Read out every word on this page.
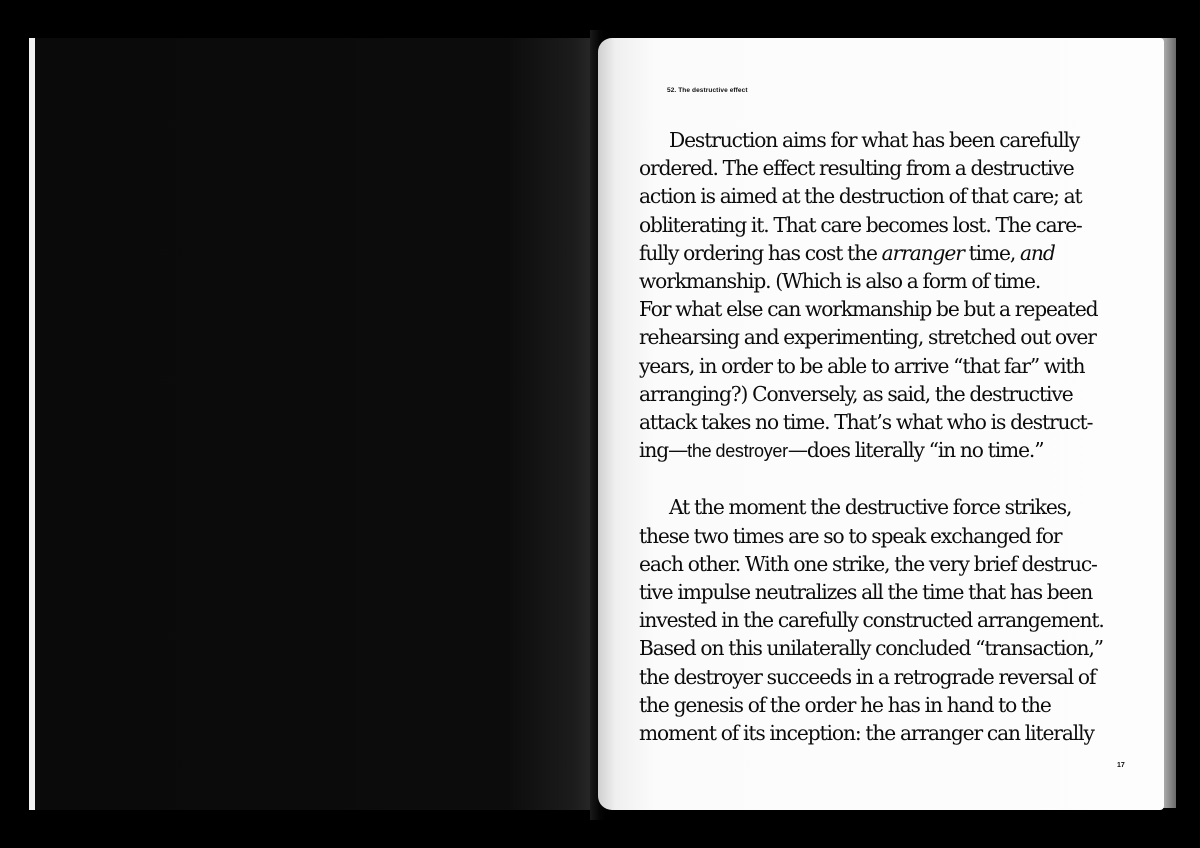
52. The destructive effect

Destruction aims for what has been carefully
ordered. The effect resulting from a destructive
action is aimed at the destruction of that care; at
obliterating it. That care becomes lost. The care-
fully ordering has cost the arranger time, and
workmanship. (Which is also a form of time.
For what else can workmanship be but a repeated
rehearsing and experimenting, stretched out over
years, in order to be able to arrive “that far” with
arranging?) Conversely, as said, the destructive
attack takes no time. That’s what who is destruct-
ing—the destroyer—does literally “in no time.”

At the moment the destructive force strikes,
these two times are so to speak exchanged for
each other. With one strike, the very brief destruc-
tive impulse neutralizes all the time that has been
invested in the carefully constructed arrangement.
Based on this unilaterally concluded “transaction,”
the destroyer succeeds in a retrograde reversal of
the genesis of the order he has in hand to the
moment of its inception: the arranger can literally

17
